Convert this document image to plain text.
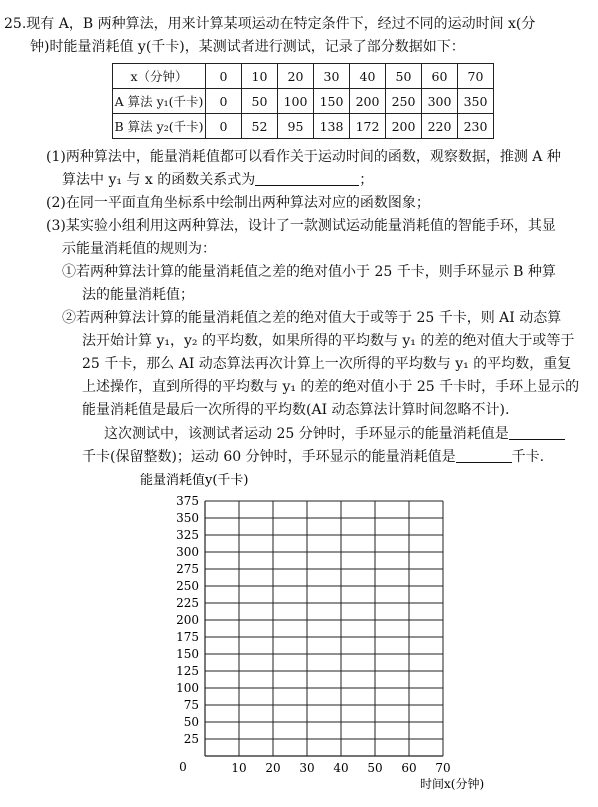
25.现有 A，B 两种算法，用来计算某项运动在特定条件下，经过不同的运动时间 x(分
钟)时能量消耗值 y(千卡)，某测试者进行测试，记录了部分数据如下：
x（分钟）	0	10	20	30	40	50	60	70
A 算法 y₁(千卡)	0	50	100	150	200	250	300	350
B 算法 y₂(千卡)	0	52	95	138	172	200	220	230
(1)两种算法中，能量消耗值都可以看作关于运动时间的函数，观察数据，推测 A 种
算法中 y₁ 与 x 的函数关系式为	；
(2)在同一平面直角坐标系中绘制出两种算法对应的函数图象；
(3)某实验小组利用这两种算法，设计了一款测试运动能量消耗值的智能手环，其显
示能量消耗值的规则为：
①若两种算法计算的能量消耗值之差的绝对值小于 25 千卡，则手环显示 B 种算
法的能量消耗值；
②若两种算法计算的能量消耗值之差的绝对值大于或等于 25 千卡，则 AI 动态算
法开始计算 y₁，y₂ 的平均数，如果所得的平均数与 y₁ 的差的绝对值大于或等于
25 千卡，那么 AI 动态算法再次计算上一次所得的平均数与 y₁ 的平均数，重复
上述操作，直到所得的平均数与 y₁ 的差的绝对值小于 25 千卡时，手环上显示的
能量消耗值是最后一次所得的平均数(AI 动态算法计算时间忽略不计).
这次测试中，该测试者运动 25 分钟时，手环显示的能量消耗值是
千卡(保留整数)；运动 60 分钟时，手环显示的能量消耗值是	千卡.
能量消耗值y(千卡)
25
50
75
100
125
150
175
200
225
250
275
300
325
350
375
10 20 30 40 50 60 70
0
时间x(分钟)
